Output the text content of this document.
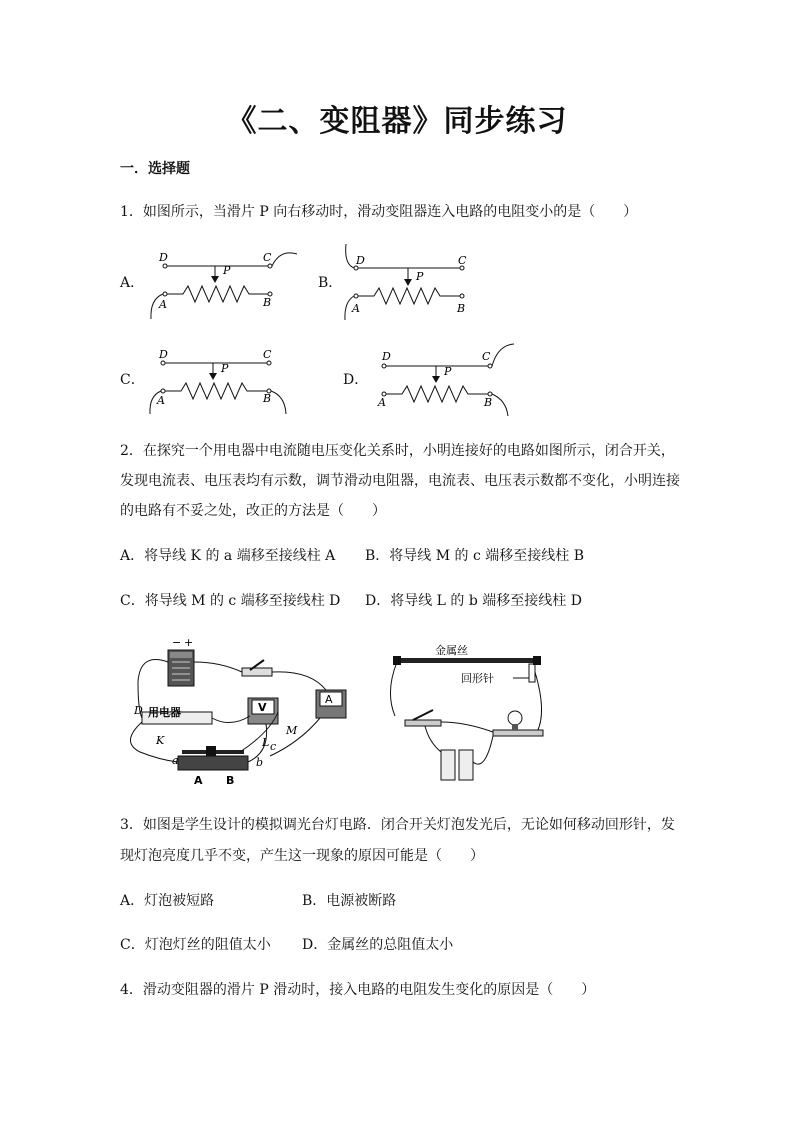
《二、变阻器》同步练习
一．选择题
1．如图所示，当滑片 P 向右移动时，滑动变阻器连入电路的电阻变小的是（　　）
A．
D	C
P
A	B
B．
D	C
P
A	B
C．
D	C
P
A	B
D．
D	C
P
A	B
2．在探究一个用电器中电流随电压变化关系时，小明连接好的电路如图所示，闭合开关，
发现电流表、电压表均有示数，调节滑动电阻器，电流表、电压表示数都不变化，小明连接
的电路有不妥之处，改正的方法是（　　）
A．将导线 K 的 a 端移至接线柱 A B．将导线 M 的 c 端移至接线柱 B
C．将导线 M 的 c 端移至接线柱 D D．将导线 L 的 b 端移至接线柱 D
− +
A
V
用电器
D
A B
a	b
K	c
L
M
金属丝
回形针
3．如图是学生设计的模拟调光台灯电路．闭合开关灯泡发光后，无论如何移动回形针，发
现灯泡亮度几乎不变，产生这一现象的原因可能是（　　）
A．灯泡被短路	B．电源被断路
C．灯泡灯丝的阻值太小 D．金属丝的总阻值太小
4．滑动变阻器的滑片 P 滑动时，接入电路的电阻发生变化的原因是（　　）
